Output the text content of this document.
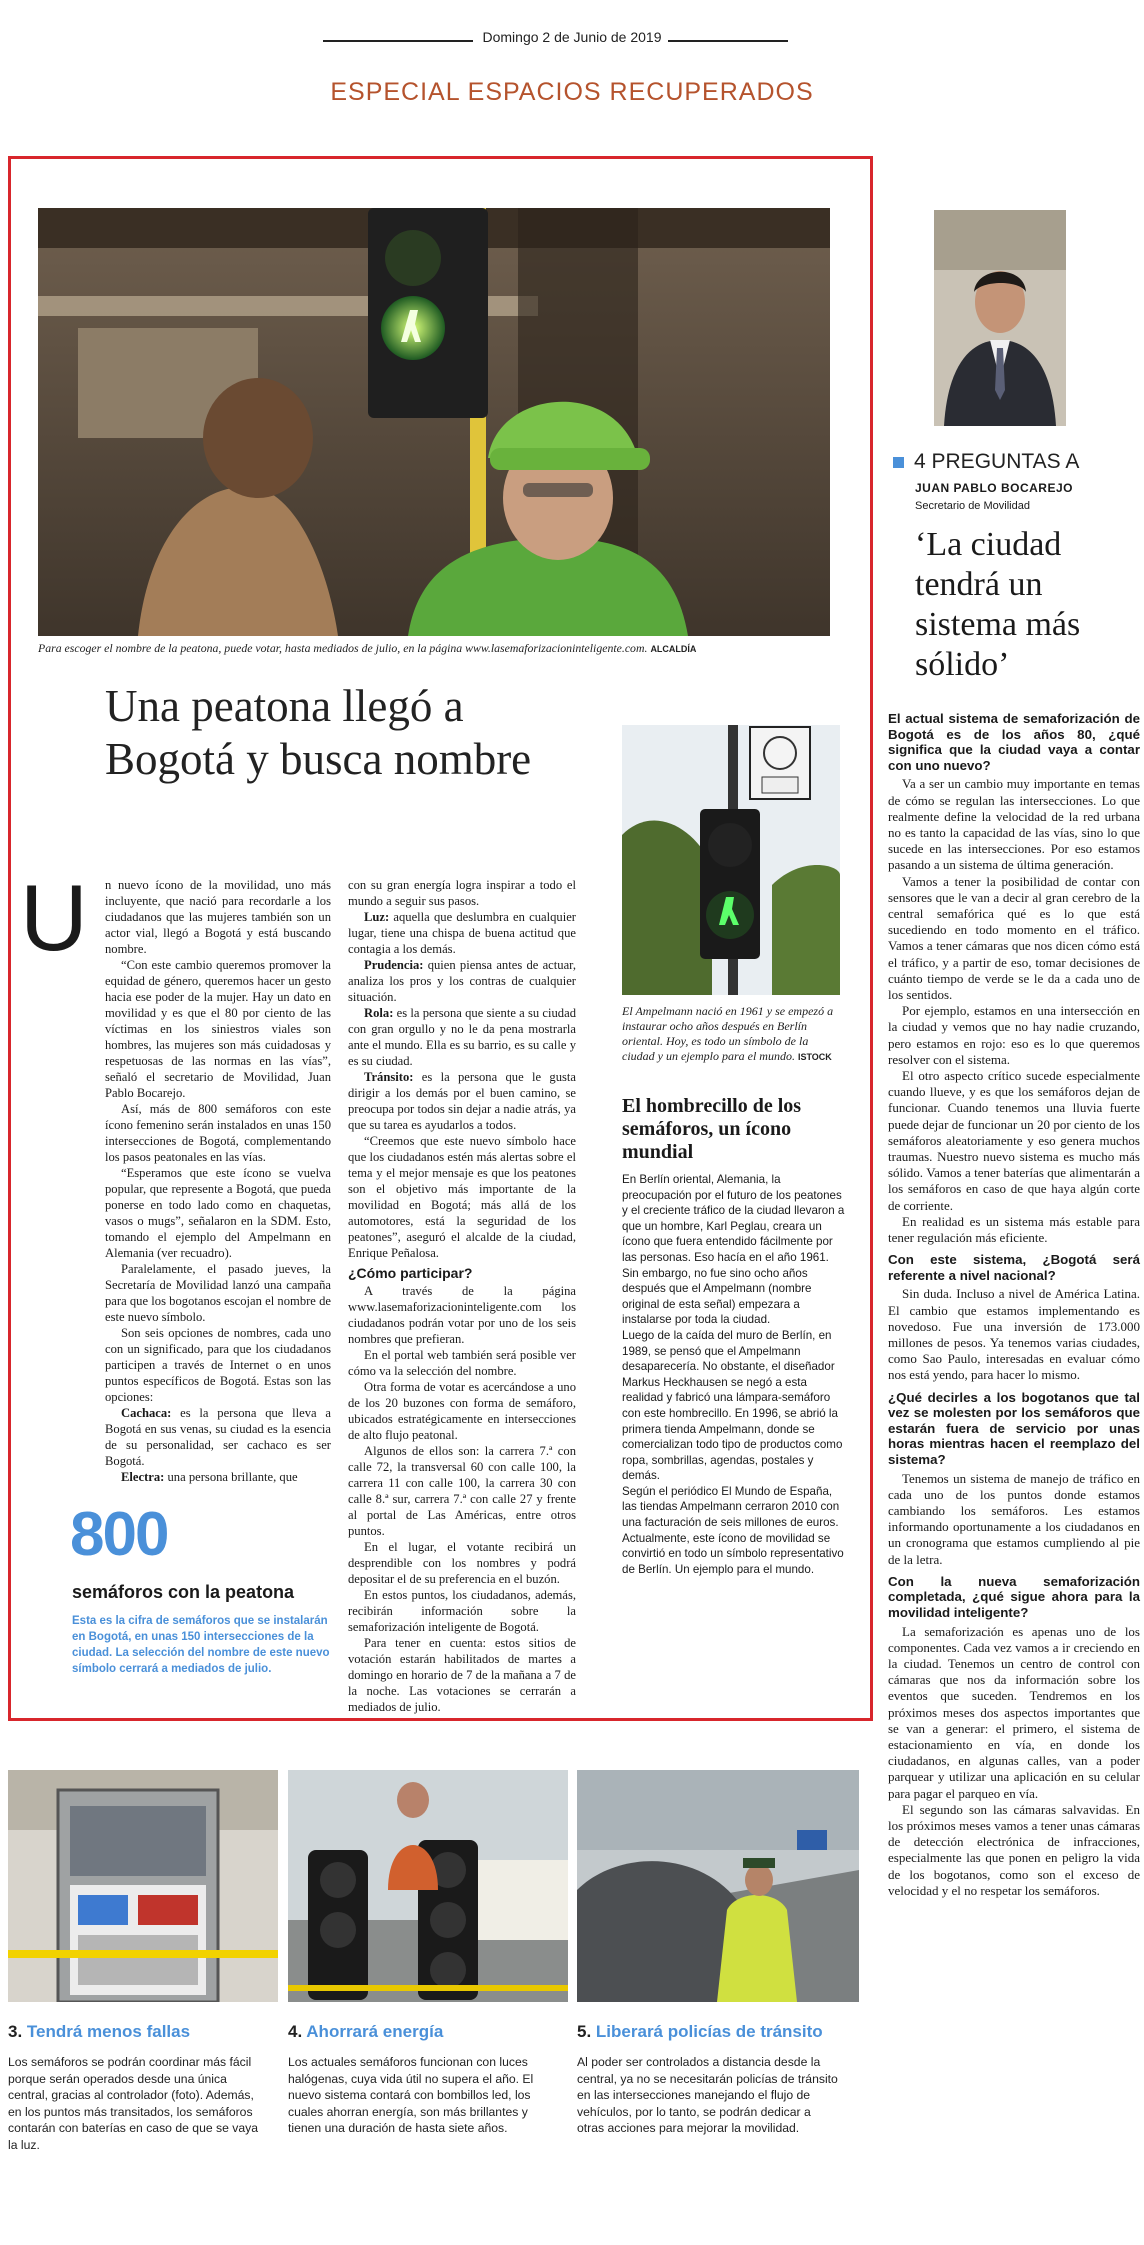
Domingo 2 de Junio de 2019
ESPECIAL ESPACIOS RECUPERADOS
Para escoger el nombre de la peatona, puede votar, hasta mediados de julio, en la página www.lasemaforizacioninteligente.com. ALCALDÍA
Una peatona llegó a Bogotá y busca nombre
U n nuevo ícono de la movilidad, uno más incluyente, que nació para recordarle a los ciudadanos que las mujeres también son un actor vial, llegó a Bogotá y está buscando nombre.

“Con este cambio queremos promover la equidad de género, queremos hacer un gesto hacia ese poder de la mujer. Hay un dato en movilidad y es que el 80 por ciento de las víctimas en los siniestros viales son hombres, las mujeres son más cuidadosas y respetuosas de las normas en las vías”, señaló el secretario de Movilidad, Juan Pablo Bocarejo.

Así, más de 800 semáforos con este ícono femenino serán instalados en unas 150 intersecciones de Bogotá, complementando los pasos peatonales en las vías.

“Esperamos que este ícono se vuelva popular, que represente a Bogotá, que pueda ponerse en todo lado como en chaquetas, vasos o mugs”, señalaron en la SDM. Esto, tomando el ejemplo del Ampelmann en Alemania (ver recuadro).

Paralelamente, el pasado jueves, la Secretaría de Movilidad lanzó una campaña para que los bogotanos escojan el nombre de este nuevo símbolo.

Son seis opciones de nombres, cada uno con un significado, para que los ciudadanos participen a través de Internet o en unos puntos específicos de Bogotá. Estas son las opciones:

Cachaca: es la persona que lleva a Bogotá en sus venas, su ciudad es la esencia de su personalidad, ser cachaco es ser Bogotá.

Electra: una persona brillante, que

con su gran energía logra inspirar a todo el mundo a seguir sus pasos.

Luz: aquella que deslumbra en cualquier lugar, tiene una chispa de buena actitud que contagia a los demás.

Prudencia: quien piensa antes de actuar, analiza los pros y los contras de cualquier situación.

Rola: es la persona que siente a su ciudad con gran orgullo y no le da pena mostrarla ante el mundo. Ella es su barrio, es su calle y es su ciudad.

Tránsito: es la persona que le gusta dirigir a los demás por el buen camino, se preocupa por todos sin dejar a nadie atrás, ya que su tarea es ayudarlos a todos.

“Creemos que este nuevo símbolo hace que los ciudadanos estén más alertas sobre el tema y el mejor mensaje es que los peatones son el objetivo más importante de la movilidad en Bogotá; más allá de los automotores, está la seguridad de los peatones”, aseguró el alcalde de la ciudad, Enrique Peñalosa.

¿Cómo participar?

A través de la página www.lasemaforizacioninteligente.com los ciudadanos podrán votar por uno de los seis nombres que prefieran.

En el portal web también será posible ver cómo va la selección del nombre.

Otra forma de votar es acercándose a uno de los 20 buzones con forma de semáforo, ubicados estratégicamente en intersecciones de alto flujo peatonal.

Algunos de ellos son: la carrera 7.ª con calle 72, la transversal 60 con calle 100, la carrera 11 con calle 100, la carrera 30 con calle 8.ª sur, carrera 7.ª con calle 27 y frente al portal de Las Américas, entre otros puntos.

En el lugar, el votante recibirá un desprendible con los nombres y podrá depositar el de su preferencia en el buzón.

En estos puntos, los ciudadanos, además, recibirán información sobre la semaforización inteligente de Bogotá.

Para tener en cuenta: estos sitios de votación estarán habilitados de martes a domingo en horario de 7 de la mañana a 7 de la noche. Las votaciones se cerrarán a mediados de julio.

800
semáforos con la peatona
Esta es la cifra de semáforos que se instalarán en Bogotá, en unas 150 intersecciones de la ciudad. La selección del nombre de este nuevo símbolo cerrará a mediados de julio.
El Ampelmann nació en 1961 y se empezó a instaurar ocho años después en Berlín oriental. Hoy, es todo un símbolo de la ciudad y un ejemplo para el mundo. ISTOCK
El hombrecillo de los semáforos, un ícono mundial

En Berlín oriental, Alemania, la preocupación por el futuro de los peatones y el creciente tráfico de la ciudad llevaron a que un hombre, Karl Peglau, creara un ícono que fuera entendido fácilmente por las personas. Eso hacía en el año 1961. Sin embargo, no fue sino ocho años después que el Ampelmann (nombre original de esta señal) empezara a instalarse por toda la ciudad.

Luego de la caída del muro de Berlín, en 1989, se pensó que el Ampelmann desaparecería. No obstante, el diseñador Markus Heckhausen se negó a esta realidad y fabricó una lámpara-semáforo con este hombrecillo. En 1996, se abrió la primera tienda Ampelmann, donde se comercializan todo tipo de productos como ropa, sombrillas, agendas, postales y demás.

Según el periódico El Mundo de España, las tiendas Ampelmann cerraron 2010 con una facturación de seis millones de euros.

Actualmente, este ícono de movilidad se convirtió en todo un símbolo representativo de Berlín. Un ejemplo para el mundo.

4 PREGUNTAS A
JUAN PABLO BOCAREJO
Secretario de Movilidad
‘La ciudad tendrá un sistema más sólido’
El actual sistema de semaforización de Bogotá es de los años 80, ¿qué significa que la ciudad vaya a contar con uno nuevo?

Va a ser un cambio muy importante en temas de cómo se regulan las intersecciones. Lo que realmente define la velocidad de la red urbana no es tanto la capacidad de las vías, sino lo que sucede en las intersecciones. Por eso estamos pasando a un sistema de última generación.

Vamos a tener la posibilidad de contar con sensores que le van a decir al gran cerebro de la central semafórica qué es lo que está sucediendo en todo momento en el tráfico. Vamos a tener cámaras que nos dicen cómo está el tráfico, y a partir de eso, tomar decisiones de cuánto tiempo de verde se le da a cada uno de los sentidos.

Por ejemplo, estamos en una intersección en la ciudad y vemos que no hay nadie cruzando, pero estamos en rojo: eso es lo que queremos resolver con el sistema.

El otro aspecto crítico sucede especialmente cuando llueve, y es que los semáforos dejan de funcionar. Cuando tenemos una lluvia fuerte puede dejar de funcionar un 20 por ciento de los semáforos aleatoriamente y eso genera muchos traumas. Nuestro nuevo sistema es mucho más sólido. Vamos a tener baterías que alimentarán a los semáforos en caso de que haya algún corte de corriente.

En realidad es un sistema más estable para tener regulación más eficiente.

Con este sistema, ¿Bogotá será referente a nivel nacional?

Sin duda. Incluso a nivel de América Latina. El cambio que estamos implementando es novedoso. Fue una inversión de 173.000 millones de pesos. Ya tenemos varias ciudades, como Sao Paulo, interesadas en evaluar cómo nos está yendo, para hacer lo mismo.

¿Qué decirles a los bogotanos que tal vez se molesten por los semáforos que estarán fuera de servicio por unas horas mientras hacen el reemplazo del sistema?

Tenemos un sistema de manejo de tráfico en cada uno de los puntos donde estamos cambiando los semáforos. Les estamos informando oportunamente a los ciudadanos en un cronograma que estamos cumpliendo al pie de la letra.

Con la nueva semaforización completada, ¿qué sigue ahora para la movilidad inteligente?

La semaforización es apenas uno de los componentes. Cada vez vamos a ir creciendo en la ciudad. Tenemos un centro de control con cámaras que nos da información sobre los eventos que suceden. Tendremos en los próximos meses dos aspectos importantes que se van a generar: el primero, el sistema de estacionamiento en vía, en donde los ciudadanos, en algunas calles, van a poder parquear y utilizar una aplicación en su celular para pagar el parqueo en vía.

El segundo son las cámaras salvavidas. En los próximos meses vamos a tener unas cámaras de detección electrónica de infracciones, especialmente las que ponen en peligro la vida de los bogotanos, como son el exceso de velocidad y el no respetar los semáforos.

3. Tendrá menos fallas
Los semáforos se podrán coordinar más fácil porque serán operados desde una única central, gracias al controlador (foto). Además, en los puntos más transitados, los semáforos contarán con baterías en caso de que se vaya la luz.
4. Ahorrará energía
Los actuales semáforos funcionan con luces halógenas, cuya vida útil no supera el año. El nuevo sistema contará con bombillos led, los cuales ahorran energía, son más brillantes y tienen una duración de hasta siete años.
5. Liberará policías de tránsito
Al poder ser controlados a distancia desde la central, ya no se necesitarán policías de tránsito en las intersecciones manejando el flujo de vehículos, por lo tanto, se podrán dedicar a otras acciones para mejorar la movilidad.
